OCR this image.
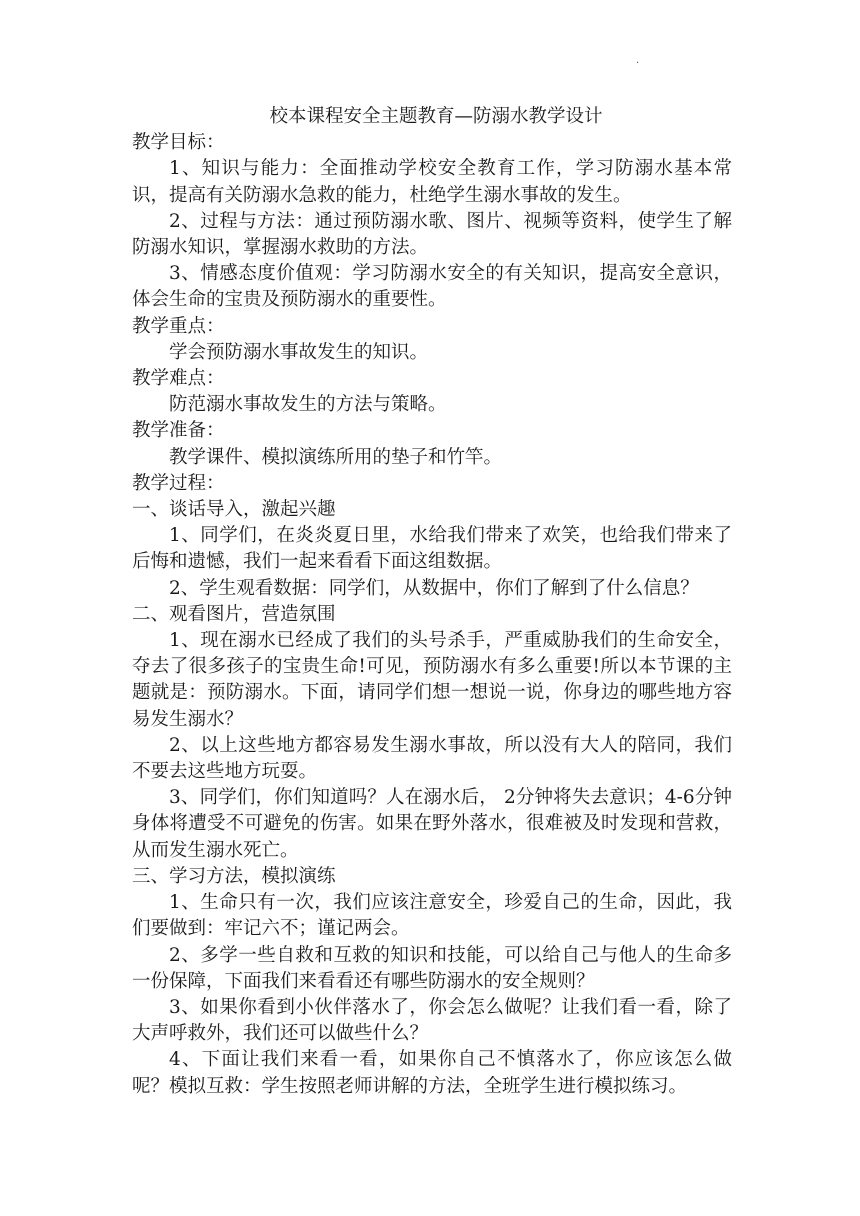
·

校本课程安全主题教育—防溺水教学设计

教学目标：

1、知识与能力：全面推动学校安全教育工作，学习防溺水基本常识，提高有关防溺水急救的能力，杜绝学生溺水事故的发生。

2、过程与方法：通过预防溺水歌、图片、视频等资料，使学生了解防溺水知识，掌握溺水救助的方法。

3、情感态度价值观：学习防溺水安全的有关知识，提高安全意识，体会生命的宝贵及预防溺水的重要性。

教学重点：

学会预防溺水事故发生的知识。

教学难点：

防范溺水事故发生的方法与策略。

教学准备：

教学课件、模拟演练所用的垫子和竹竿。

教学过程：

一、谈话导入，激起兴趣

1、同学们，在炎炎夏日里，水给我们带来了欢笑，也给我们带来了后悔和遗憾，我们一起来看看下面这组数据。

2、学生观看数据：同学们，从数据中，你们了解到了什么信息？

二、观看图片，营造氛围

1、现在溺水已经成了我们的头号杀手，严重威胁我们的生命安全，夺去了很多孩子的宝贵生命!可见，预防溺水有多么重要!所以本节课的主题就是：预防溺水。下面，请同学们想一想说一说，你身边的哪些地方容易发生溺水？

2、以上这些地方都容易发生溺水事故，所以没有大人的陪同，我们不要去这些地方玩耍。

3、同学们，你们知道吗？人在溺水后， 2分钟将失去意识；4-6分钟身体将遭受不可避免的伤害。如果在野外落水，很难被及时发现和营救，从而发生溺水死亡。

三、学习方法，模拟演练

1、生命只有一次，我们应该注意安全，珍爱自己的生命，因此，我们要做到：牢记六不；谨记两会。

2、多学一些自救和互救的知识和技能，可以给自己与他人的生命多一份保障，下面我们来看看还有哪些防溺水的安全规则？

3、如果你看到小伙伴落水了，你会怎么做呢？让我们看一看，除了大声呼救外，我们还可以做些什么？

4、下面让我们来看一看，如果你自己不慎落水了，你应该怎么做呢？模拟互救：学生按照老师讲解的方法，全班学生进行模拟练习。
